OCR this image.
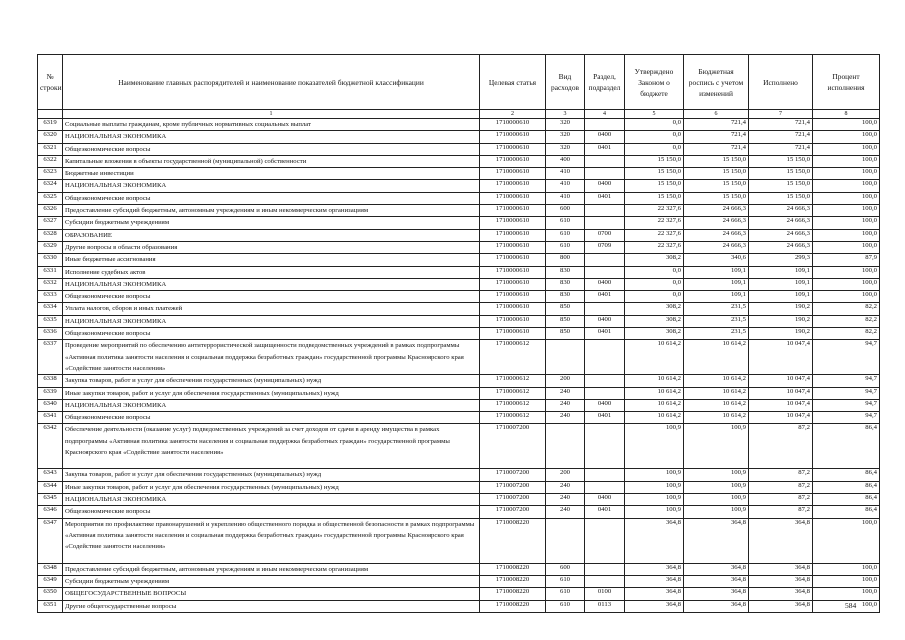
№ строки	Наименование главных распорядителей и наименование показателей бюджетной классификации	Целевая статья	Вид расходов	Раздел, подраздел	Утверждено Законом о бюджете	Бюджетная роспись с учетом изменений	Исполнено	Процент исполнения
	1	2	3	4	5	6	7	8
6319	Социальные выплаты гражданам, кроме публичных нормативных социальных выплат	1710000610	320		0,0	721,4	721,4	100,0
6320	НАЦИОНАЛЬНАЯ ЭКОНОМИКА	1710000610	320	0400	0,0	721,4	721,4	100,0
6321	Общеэкономические вопросы	1710000610	320	0401	0,0	721,4	721,4	100,0
6322	Капитальные вложения в объекты государственной (муниципальной) собственности	1710000610	400		15 150,0	15 150,0	15 150,0	100,0
6323	Бюджетные инвестиции	1710000610	410		15 150,0	15 150,0	15 150,0	100,0
6324	НАЦИОНАЛЬНАЯ ЭКОНОМИКА	1710000610	410	0400	15 150,0	15 150,0	15 150,0	100,0
6325	Общеэкономические вопросы	1710000610	410	0401	15 150,0	15 150,0	15 150,0	100,0
6326	Предоставление субсидий бюджетным, автономным учреждениям и иным некоммерческим организациям	1710000610	600		22 327,6	24 666,3	24 666,3	100,0
6327	Субсидии бюджетным учреждениям	1710000610	610		22 327,6	24 666,3	24 666,3	100,0
6328	ОБРАЗОВАНИЕ	1710000610	610	0700	22 327,6	24 666,3	24 666,3	100,0
6329	Другие вопросы в области образования	1710000610	610	0709	22 327,6	24 666,3	24 666,3	100,0
6330	Иные бюджетные ассигнования	1710000610	800		308,2	340,6	299,3	87,9
6331	Исполнение судебных актов	1710000610	830		0,0	109,1	109,1	100,0
6332	НАЦИОНАЛЬНАЯ ЭКОНОМИКА	1710000610	830	0400	0,0	109,1	109,1	100,0
6333	Общеэкономические вопросы	1710000610	830	0401	0,0	109,1	109,1	100,0
6334	Уплата налогов, сборов и иных платежей	1710000610	850		308,2	231,5	190,2	82,2
6335	НАЦИОНАЛЬНАЯ ЭКОНОМИКА	1710000610	850	0400	308,2	231,5	190,2	82,2
6336	Общеэкономические вопросы	1710000610	850	0401	308,2	231,5	190,2	82,2
6337	Проведение мероприятий по обеспечению антитеррористической защищенности подведомственных учреждений в рамках подпрограммы «Активная политика занятости населения и социальная поддержка безработных граждан» государственной программы Красноярского края «Содействие занятости населения»	1710000612			10 614,2	10 614,2	10 047,4	94,7
6338	Закупка товаров, работ и услуг для обеспечения государственных (муниципальных) нужд	1710000612	200		10 614,2	10 614,2	10 047,4	94,7
6339	Иные закупки товаров, работ и услуг для обеспечения государственных (муниципальных) нужд	1710000612	240		10 614,2	10 614,2	10 047,4	94,7
6340	НАЦИОНАЛЬНАЯ ЭКОНОМИКА	1710000612	240	0400	10 614,2	10 614,2	10 047,4	94,7
6341	Общеэкономические вопросы	1710000612	240	0401	10 614,2	10 614,2	10 047,4	94,7
6342	Обеспечение деятельности (оказание услуг) подведомственных учреждений за счет доходов от сдачи в аренду имущества в рамках подпрограммы «Активная политика занятости населения и социальная поддержка безработных граждан» государственной программы Красноярского края «Содействие занятости населения»	1710007200			100,9	100,9	87,2	86,4
6343	Закупка товаров, работ и услуг для обеспечения государственных (муниципальных) нужд	1710007200	200		100,9	100,9	87,2	86,4
6344	Иные закупки товаров, работ и услуг для обеспечения государственных (муниципальных) нужд	1710007200	240		100,9	100,9	87,2	86,4
6345	НАЦИОНАЛЬНАЯ ЭКОНОМИКА	1710007200	240	0400	100,9	100,9	87,2	86,4
6346	Общеэкономические вопросы	1710007200	240	0401	100,9	100,9	87,2	86,4
6347	Мероприятия по профилактике правонарушений и укреплению общественного порядка и общественной безопасности в рамках подпрограммы «Активная политика занятости населения и социальная поддержка безработных граждан» государственной программы Красноярского края «Содействие занятости населения»	1710008220			364,8	364,8	364,8	100,0
6348	Предоставление субсидий бюджетным, автономным учреждениям и иным некоммерческим организациям	1710008220	600		364,8	364,8	364,8	100,0
6349	Субсидии бюджетным учреждениям	1710008220	610		364,8	364,8	364,8	100,0
6350	ОБЩЕГОСУДАРСТВЕННЫЕ ВОПРОСЫ	1710008220	610	0100	364,8	364,8	364,8	100,0
6351	Другие общегосударственные вопросы	1710008220	610	0113	364,8	364,8	364,8	100,0
584
